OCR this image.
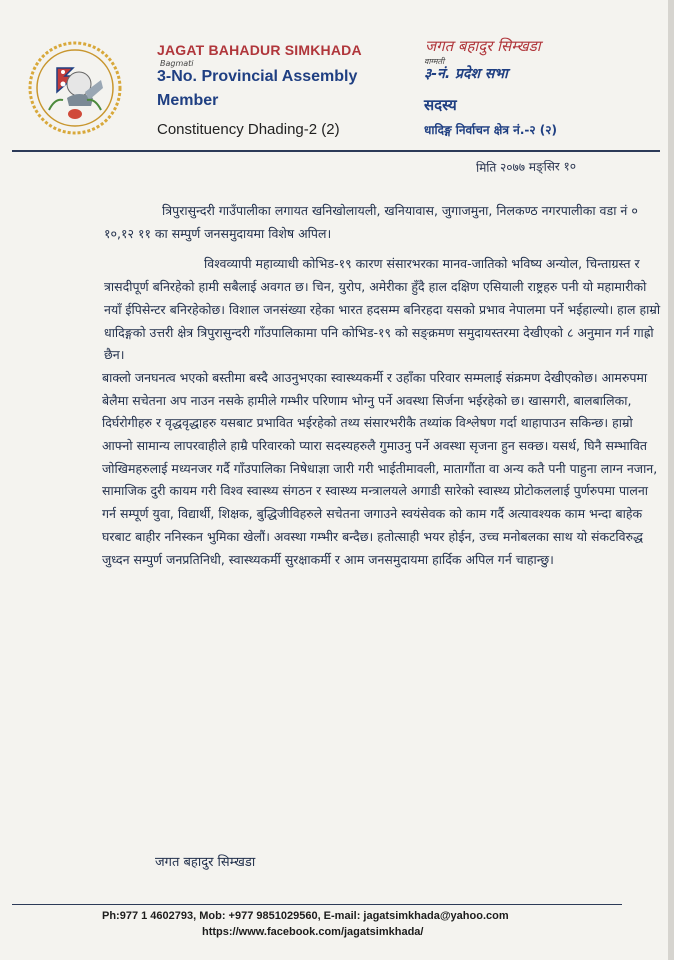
JAGAT BAHADUR SIMKHADA
Bagmati
3-No. Provincial Assembly
Member
Constituency Dhading-2 (2)
जगत बहादुर सिम्खडा
वाग्मती
३-नं. प्रदेश सभा
सदस्य
धादिङ्ग निर्वाचन क्षेत्र नं.-२ (२)
मिति २०७७ मङ्सिर १०

त्रिपुरासुन्दरी गाउँपालीका लगायत खनिखोलायली, खनियावास, जुगाजमुना, निलकण्ठ नगरपालीका वडा नं ० १०,१२ ११ का सम्पुर्ण जनसमुदायमा विशेष अपिल।

विश्वव्यापी महाव्याधी कोभिड-१९ कारण संसारभरका मानव-जातिको भविष्य अन्योल, चिन्ताग्रस्त र त्रासदीपूर्ण बनिरहेको हामी सबैलाई अवगत छ। चिन, युरोप, अमेरीका हुँदै हाल दक्षिण एसियाली राष्ट्रहरु पनी यो महामारीको नयाँ ईपिसेन्टर बनिरहेकोछ। विशाल जनसंख्या रहेका भारत हदसम्म बनिरहदा यसको प्रभाव नेपालमा पर्ने भईहाल्यो। हाल हाम्रो धादिङ्गको उत्तरी क्षेत्र त्रिपुरासुन्दरी गाँउपालिकामा पनि कोभिड-१९ को सङ्क्रमण समुदायस्तरमा देखीएको ८ अनुमान गर्न गाह्रो छैन।

बाक्लो जनघनत्व भएको बस्तीमा बस्दै आउनुभएका स्वास्थ्यकर्मी र उहाँका परिवार सम्मलाई संक्रमण देखीएकोछ। आमरुपमा बेलैमा सचेतना अप नाउन नसके हामीले गम्भीर परिणाम भोग्नु पर्ने अवस्था सिर्जना भईरहेको छ। खासगरी, बालबालिका, दिर्घरोगीहरु र वृद्धवृद्धाहरु यसबाट प्रभावित भईरहेको तथ्य संसारभरीकै तथ्यांक विश्लेषण गर्दा थाहापाउन सकिन्छ। हाम्रो आफ्नो सामान्य लापरवाहीले हाम्रै परिवारको प्यारा सदस्यहरुलै गुमाउनु पर्ने अवस्था सृजना हुन सक्छ। यसर्थ, घिनै सम्भावित जोखिमहरुलाई मध्यनजर गर्दै गाँउपालिका निषेधाज्ञा जारी गरी भाईतीमावली, मातागौंता वा अन्य कतै पनी पाहुना लाग्न नजान, सामाजिक दुरी कायम गरी विश्व स्वास्थ्य संगठन र स्वास्थ्य मन्त्रालयले अगाडी सारेको स्वास्थ्य प्रोटोकललाई पुर्णरुपमा पालना गर्न सम्पूर्ण युवा, विद्यार्थी, शिक्षक, बुद्धिजीविहरुले सचेतना जगाउने स्वयंसेवक को काम गर्दै अत्यावश्यक काम भन्दा बाहेक घरबाट बाहीर ननिस्कन भुमिका खेलौं। अवस्था गम्भीर बन्दैछ। हतोत्साही भयर होईन, उच्च मनोबलका साथ यो संकटविरुद्ध जुध्दन सम्पुर्ण जनप्रतिनिधी, स्वास्थ्यकर्मी सुरक्षाकर्मी र आम जनसमुदायमा हार्दिक अपिल गर्न चाहान्छु।

जगत बहादुर सिम्खडा
Ph:977 1 4602793, Mob: +977 9851029560, E-mail: jagatsimkhada@yahoo.com
https://www.facebook.com/jagatsimkhada/
